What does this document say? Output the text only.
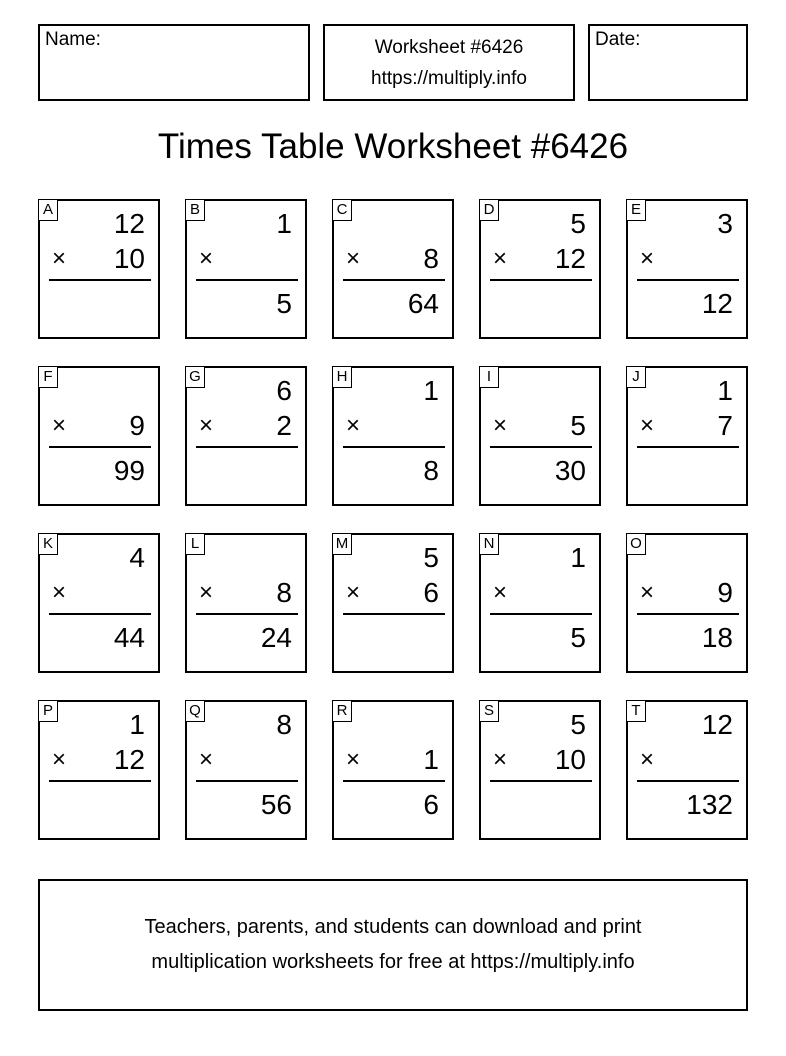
Name:	Worksheet #6426
https://multiply.info
Date:
Times Table Worksheet #6426
A 12
× 10
B	1
×
5
C
× 8
64
D	5
× 12
E	3
×
12
F
× 9
99
G	6
× 2
H	1
×
8
I
× 5
30
J	1
× 7
K	4
×
44
L
× 8
24
M	5
× 6
N	1
×
5
O
× 9
18
P	1
× 12
Q	8
×
56
R
× 1
6
S	5
× 10
T 12
×
132
Teachers, parents, and students can download and print
multiplication worksheets for free at https://multiply.info
